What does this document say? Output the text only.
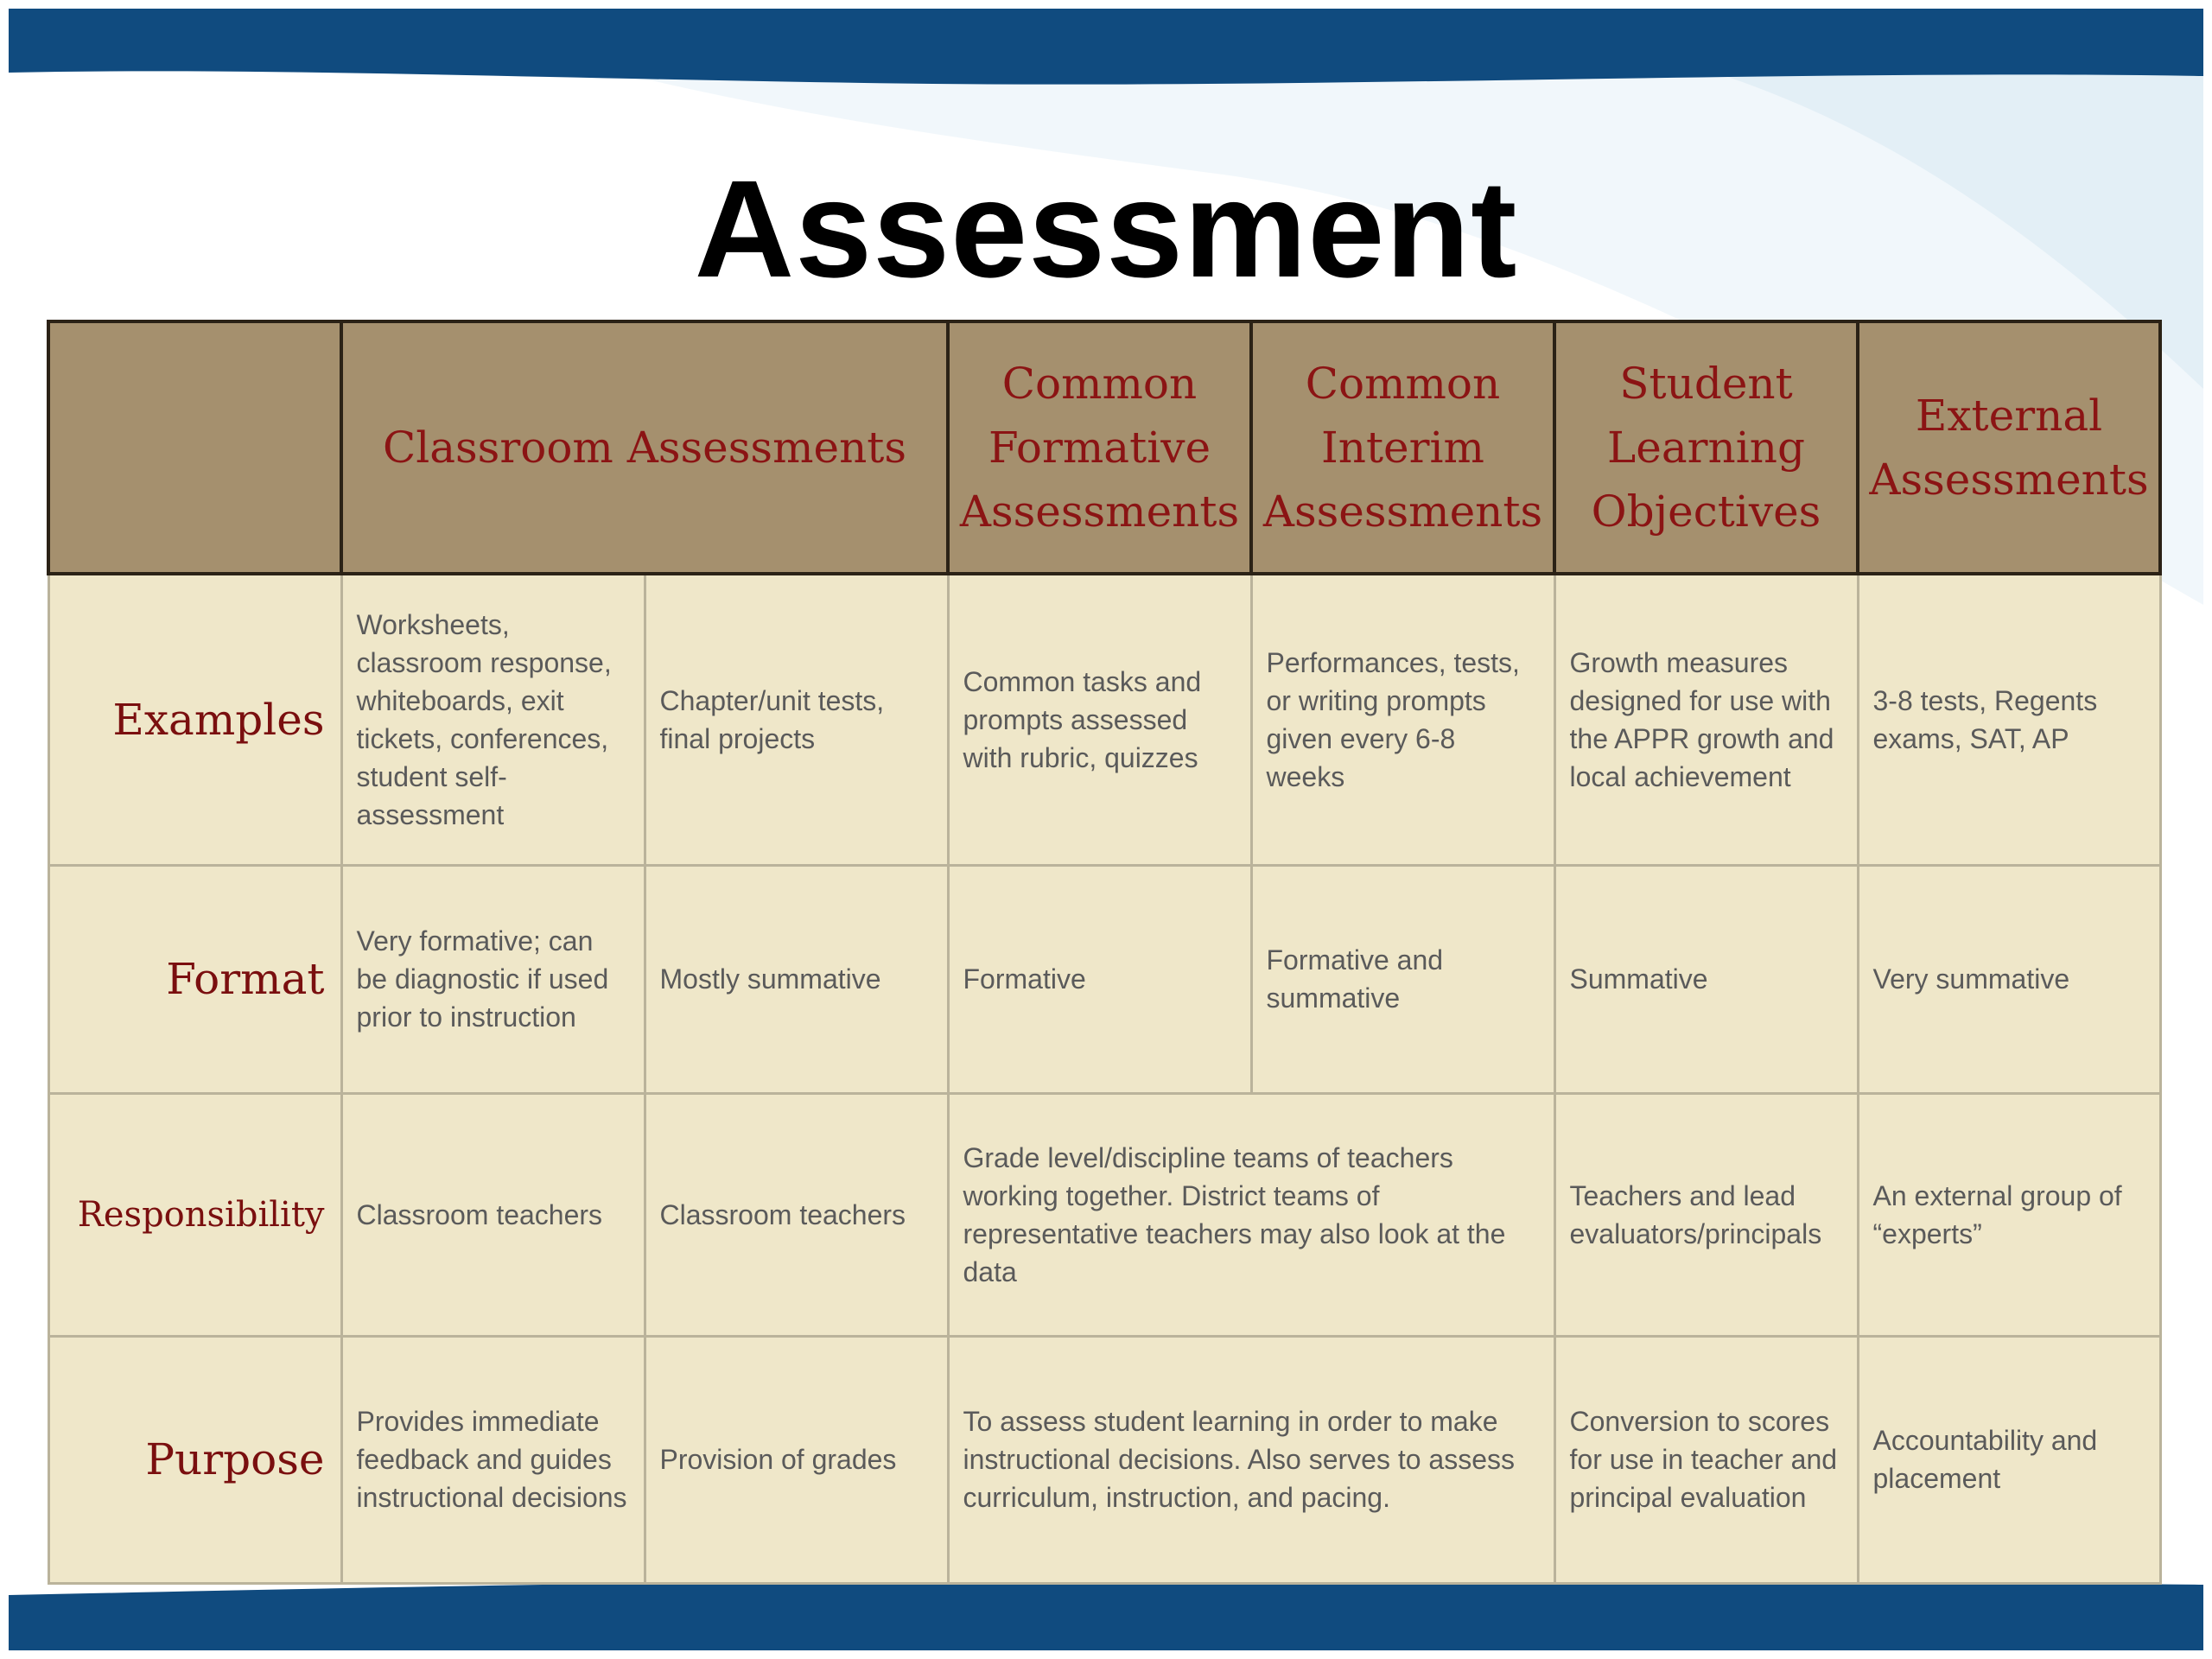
Assessment
	Classroom Assessments		Common Formative Assessments	Common Interim Assessments	Student Learning Objectives	External Assessments
Examples	Worksheets, classroom response, whiteboards, exit tickets, conferences, student self-assessment	Chapter/unit tests, final projects	Common tasks and prompts assessed with rubric, quizzes	Performances, tests, or writing prompts given every 6-8 weeks	Growth measures designed for use with the APPR growth and local achievement	3-8 tests, Regents exams, SAT, AP
Format	Very formative; can be diagnostic if used prior to instruction	Mostly summative	Formative	Formative and summative	Summative	Very summative
Responsibility	Classroom teachers	Classroom teachers	Grade level/discipline teams of teachers working together. District teams of representative teachers may also look at the data		Teachers and lead evaluators/principals	An external group of “experts”
Purpose	Provides immediate feedback and guides instructional decisions	Provision of grades	To assess student learning in order to make instructional decisions. Also serves to assess curriculum, instruction, and pacing.		Conversion to scores for use in teacher and principal evaluation	Accountability and placement
